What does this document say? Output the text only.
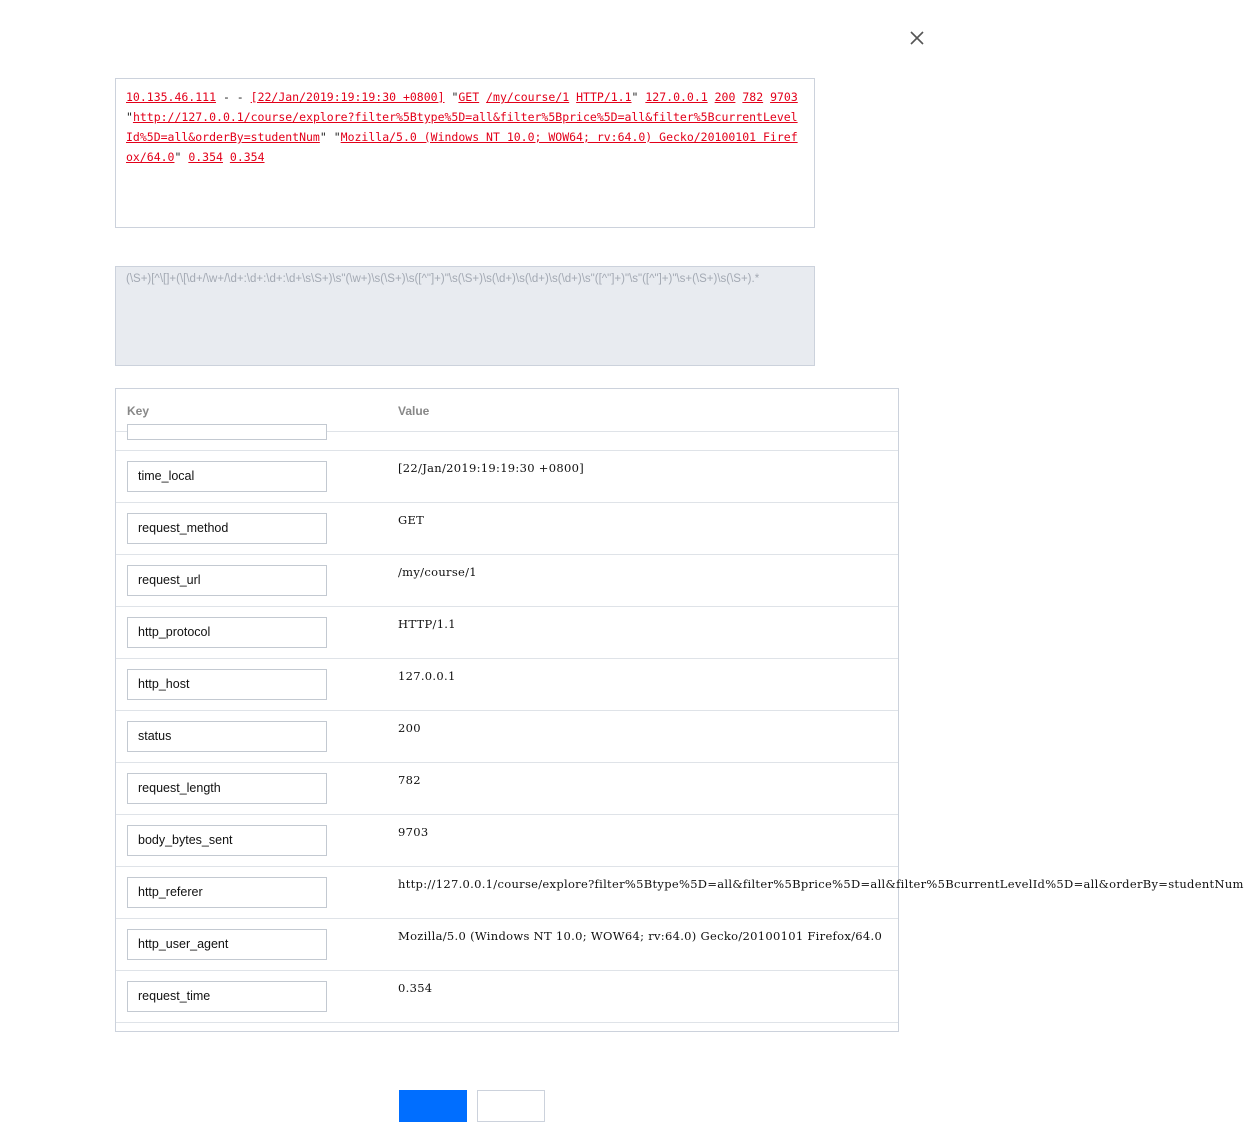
10.135.46.111 - - [22/Jan/2019:19:19:30 +0800] "GET /my/course/1 HTTP/1.1" 127.0.0.1 200 782 9703 "http://127.0.0.1/course/explore?filter%5Btype%5D=all&filter%5Bprice%5D=all&filter%5BcurrentLevelId%5D=all&orderBy=studentNum" "Mozilla/5.0 (Windows NT 10.0; WOW64; rv:64.0) Gecko/20100101 Firefox/64.0" 0.354 0.354
(\S+)[^\[]+(\[\d+/\w+/\d+:\d+:\d+:\d+\s\S+)\s"(\w+)\s(\S+)\s([^"]+)"\s(\S+)\s(\d+)\s(\d+)\s(\d+)\s"([^"]+)"\s"([^"]+)"\s+(\S+)\s(\S+).*
Key	Value
time_local
[22/Jan/2019:19:19:30 +0800]
request_method
GET
request_url
/my/course/1
http_protocol
HTTP/1.1
http_host
127.0.0.1
status
200
request_length
782
body_bytes_sent
9703
http_referer
http://127.0.0.1/course/explore?filter%5Btype%5D=all&filter%5Bprice%5D=all&filter%5BcurrentLevelId%5D=all&orderBy=studentNum
http_user_agent
Mozilla/5.0 (Windows NT 10.0; WOW64; rv:64.0) Gecko/20100101 Firefox/64.0
request_time
0.354
